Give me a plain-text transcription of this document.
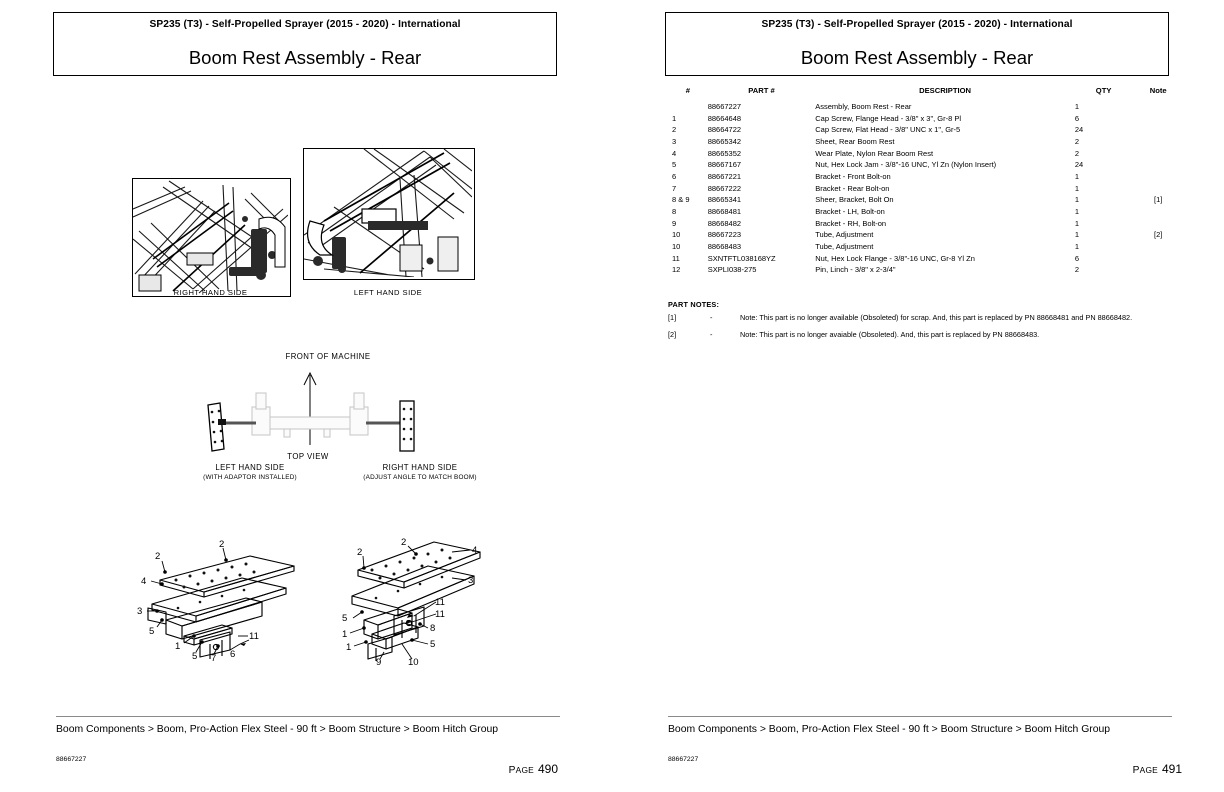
SP235 (T3) - Self-Propelled Sprayer (2015 - 2020) - International
Boom Rest Assembly - Rear
RIGHT HAND SIDE	LEFT HAND SIDE
FRONT OF MACHINE
TOP VIEW
LEFT HAND SIDE
(WITH ADAPTOR INSTALLED)
RIGHT HAND SIDE
(ADJUST ANGLE TO MATCH BOOM)
2
2
4
3
5
1
5 7 6
11
2
2	4
3
11
11
5
8
1
1	5
9	10
Boom Components > Boom, Pro-Action Flex Steel - 90 ft > Boom Structure > Boom Hitch Group
88667227
PAGE 490
SP235 (T3) - Self-Propelled Sprayer (2015 - 2020) - International
Boom Rest Assembly - Rear
#	PART #	DESCRIPTION	QTY	Note
	88667227	Assembly, Boom Rest - Rear	1	
1	88664648	Cap Screw, Flange Head - 3/8" x 3", Gr-8 Pl	6	
2	88664722	Cap Screw, Flat Head - 3/8" UNC x 1", Gr-5	24	
3	88665342	Sheet, Rear Boom Rest	2	
4	88665352	Wear Plate, Nylon Rear Boom Rest	2	
5	88667167	Nut, Hex Lock Jam - 3/8"-16 UNC, Yl Zn (Nylon Insert)	24	
6	88667221	Bracket - Front Bolt-on	1	
7	88667222	Bracket - Rear Bolt-on	1	
8 & 9	88665341	Sheer, Bracket, Bolt On	1	[1]
8	88668481	Bracket - LH, Bolt-on	1	
9	88668482	Bracket - RH, Bolt-on	1	
10	88667223	Tube, Adjustment	1	[2]
10	88668483	Tube, Adjustment	1	
11	SXNTFTL038168YZ	Nut, Hex Lock Flange - 3/8"-16 UNC, Gr-8 Yl Zn	6	
12	SXPLI038-275	Pin, Linch - 3/8" x 2-3/4"	2	
PART NOTES:
[1]	-	Note: This part is no longer available (Obsoleted) for scrap. And, this part is replaced by PN 88668481 and PN 88668482.
[2]	-	Note: This part is no longer avaiable (Obsoleted). And, this part is replaced by PN 88668483.
Boom Components > Boom, Pro-Action Flex Steel - 90 ft > Boom Structure > Boom Hitch Group
88667227
PAGE 491
